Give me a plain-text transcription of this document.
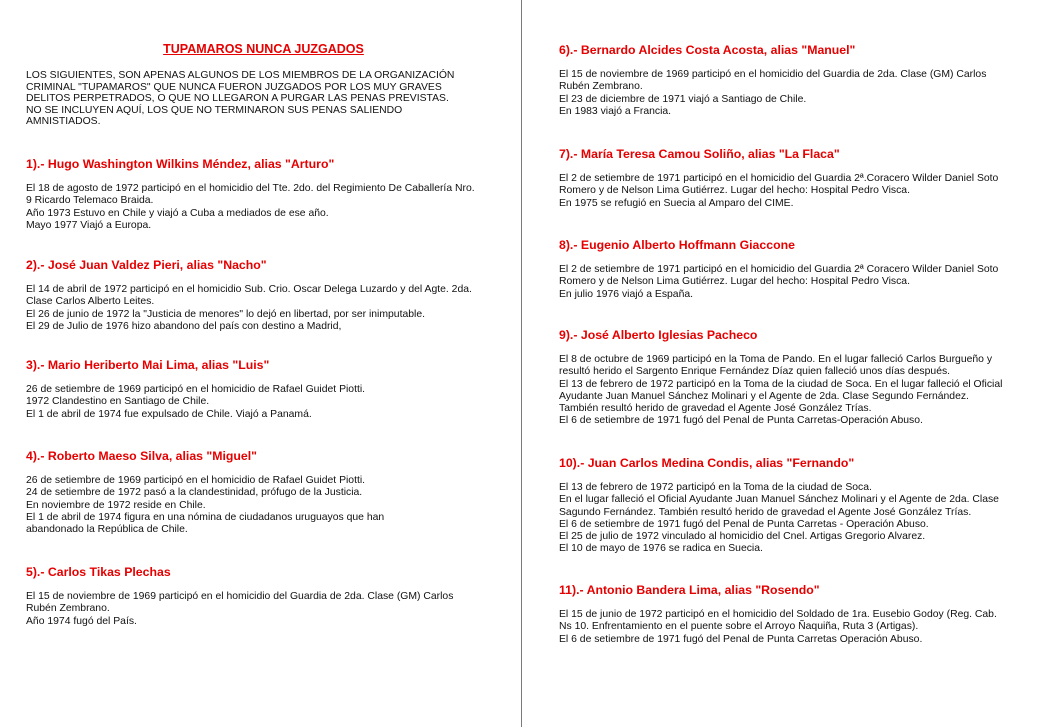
TUPAMAROS NUNCA JUZGADOS
LOS SIGUIENTES, SON APENAS ALGUNOS DE LOS MIEMBROS DE LA ORGANIZACIÓN
CRIMINAL "TUPAMAROS" QUE NUNCA FUERON JUZGADOS POR LOS MUY GRAVES
DELITOS PERPETRADOS, O QUE NO LLEGARON A PURGAR LAS PENAS PREVISTAS.
NO SE INCLUYEN AQUÍ, LOS QUE NO TERMINARON SUS PENAS SALIENDO
AMNISTIADOS.
1).- Hugo Washington Wilkins Méndez, alias "Arturo"
El 18 de agosto de 1972 participó en el homicidio del Tte. 2do. del Regimiento De Caballería Nro.
9 Ricardo Telemaco Braida.
Año 1973 Estuvo en Chile y viajó a Cuba a mediados de ese año.
Mayo 1977 Viajó a Europa.
2).- José Juan Valdez Pieri, alias "Nacho"
El 14 de abril de 1972 participó en el homicidio Sub. Crio. Oscar Delega Luzardo y del Agte. 2da.
Clase Carlos Alberto Leites.
El 26 de junio de 1972 la "Justicia de menores" lo dejó en libertad, por ser inimputable.
El 29 de Julio de 1976 hizo abandono del país con destino a Madrid,
3).- Mario Heriberto Mai Lima, alias "Luis"
26 de setiembre de 1969 participó en el homicidio de Rafael Guidet Piotti.
1972 Clandestino en Santiago de Chile.
El 1 de abril de 1974 fue expulsado de Chile. Viajó a Panamá.
4).- Roberto Maeso Silva, alias "Miguel"
26 de setiembre de 1969 participó en el homicidio de Rafael Guidet Piotti.
24 de setiembre de 1972 pasó a la clandestinidad, prófugo de la Justicia.
En noviembre de 1972 reside en Chile.
El 1 de abril de 1974 figura en una nómina de ciudadanos uruguayos que han
abandonado la República de Chile.
5).- Carlos Tikas Plechas
El 15 de noviembre de 1969 participó en el homicidio del Guardia de 2da. Clase (GM) Carlos
Rubén Zembrano.
Año 1974 fugó del País.
6).- Bernardo Alcides Costa Acosta, alias "Manuel"
El 15 de noviembre de 1969 participó en el homicidio del Guardia de 2da. Clase (GM) Carlos
Rubén Zembrano.
El 23 de diciembre de 1971 viajó a Santiago de Chile.
En 1983 viajó a Francia.
7).- María Teresa Camou Soliño, alias "La Flaca"
El 2 de setiembre de 1971 participó en el homicidio del Guardia 2ª.Coracero Wilder Daniel Soto
Romero y de Nelson Lima Gutiérrez. Lugar del hecho: Hospital Pedro Visca.
En 1975 se refugió en Suecia al Amparo del CIME.
8).- Eugenio Alberto Hoffmann Giaccone
El 2 de setiembre de 1971 participó en el homicidio del Guardia 2ª Coracero Wilder Daniel Soto
Romero y de Nelson Lima Gutiérrez. Lugar del hecho: Hospital Pedro Visca.
En julio 1976 viajó a España.
9).- José Alberto Iglesias Pacheco
El 8 de octubre de 1969 participó en la Toma de Pando. En el lugar falleció Carlos Burgueño y
resultó herido el Sargento Enrique Fernández Díaz quien falleció unos días después.
El 13 de febrero de 1972 participó en la Toma de la ciudad de Soca. En el lugar falleció el Oficial
Ayudante Juan Manuel Sánchez Molinari y el Agente de 2da. Clase Segundo Fernández.
También resultó herido de gravedad el Agente José González Trías.
El 6 de setiembre de 1971 fugó del Penal de Punta Carretas-Operación Abuso.
10).- Juan Carlos Medina Condis, alias "Fernando"
El 13 de febrero de 1972 participó en la Toma de la ciudad de Soca.
En el lugar falleció el Oficial Ayudante Juan Manuel Sánchez Molinari y el Agente de 2da. Clase
Sagundo Fernández. También resultó herido de gravedad el Agente José González Trías.
El 6 de setiembre de 1971 fugó del Penal de Punta Carretas - Operación Abuso.
El 25 de julio de 1972 vinculado al homicidio del Cnel. Artigas Gregorio Alvarez.
El 10 de mayo de 1976 se radica en Suecia.
11).- Antonio Bandera Lima, alias "Rosendo"
El 15 de junio de 1972 participó en el homicidio del Soldado de 1ra. Eusebio Godoy (Reg. Cab.
Ns 10. Enfrentamiento en el puente sobre el Arroyo Ñaquiña, Ruta 3 (Artigas).
El 6 de setiembre de 1971 fugó del Penal de Punta Carretas Operación Abuso.
